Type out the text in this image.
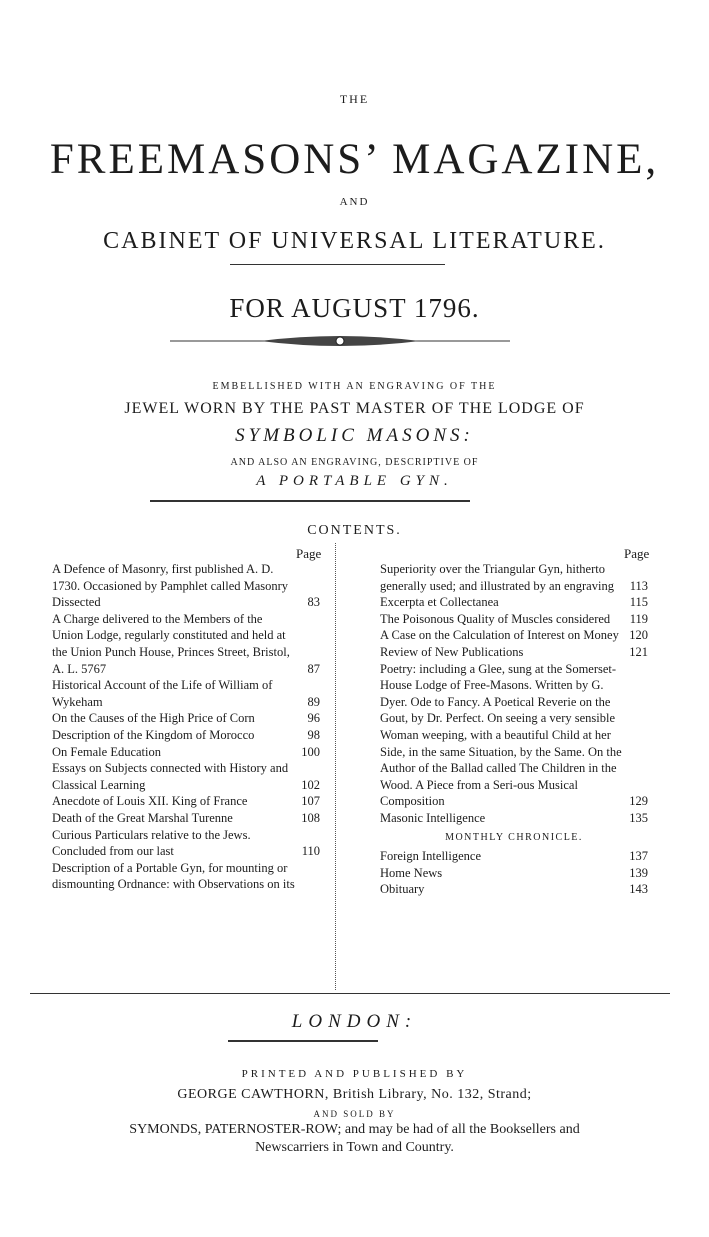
THE
FREEMASONS’ MAGAZINE,
AND
CABINET OF UNIVERSAL LITERATURE.
FOR AUGUST 1796.
EMBELLISHED WITH AN ENGRAVING OF THE
JEWEL WORN BY THE PAST MASTER OF THE LODGE OF
SYMBOLIC MASONS:
AND ALSO AN ENGRAVING, DESCRIPTIVE OF
A PORTABLE GYN.
CONTENTS.
Page	Page
A Defence of Masonry, first published A. D. 1730. Occasioned by Pamphlet called Masonry Dissected	83
A Charge delivered to the Members of the Union Lodge, regularly constituted and held at the Union Punch House, Princes Street, Bristol, A. L. 5767	87
Historical Account of the Life of William of Wykeham	89
On the Causes of the High Price of Corn	96
Description of the Kingdom of Morocco	98
On Female Education	100
Essays on Subjects connected with History and Classical Learning	102
Anecdote of Louis XII. King of France	107
Death of the Great Marshal Turenne	108
Curious Particulars relative to the Jews. Concluded from our last	110
Description of a Portable Gyn, for mounting or dismounting Ordnance: with Observations on its
Superiority over the Triangular Gyn, hitherto generally used; and illustrated by an engraving	113
Excerpta et Collectanea	115
The Poisonous Quality of Muscles considered	119
A Case on the Calculation of Interest on Money 120
Review of New Publications	121
Poetry: including a Glee, sung at the Somerset-House Lodge of Free-Masons. Written by G. Dyer. Ode to Fancy. A Poetical Reverie on the Gout, by Dr. Perfect. On seeing a very sensible Woman weeping, with a beautiful Child at her Side, in the same Situation, by the Same. On the Author of the Ballad called The Children in the Wood. A Piece from a Seri-ous Musical Composition	129
Masonic Intelligence	135
MONTHLY CHRONICLE.
Foreign Intelligence	137
Home News	139
Obituary	143
LONDON:
PRINTED AND PUBLISHED BY
GEORGE CAWTHORN, British Library, No. 132, Strand;
AND SOLD BY
SYMONDS, PATERNOSTER-ROW; and may be had of all the Booksellers and
Newscarriers in Town and Country.
